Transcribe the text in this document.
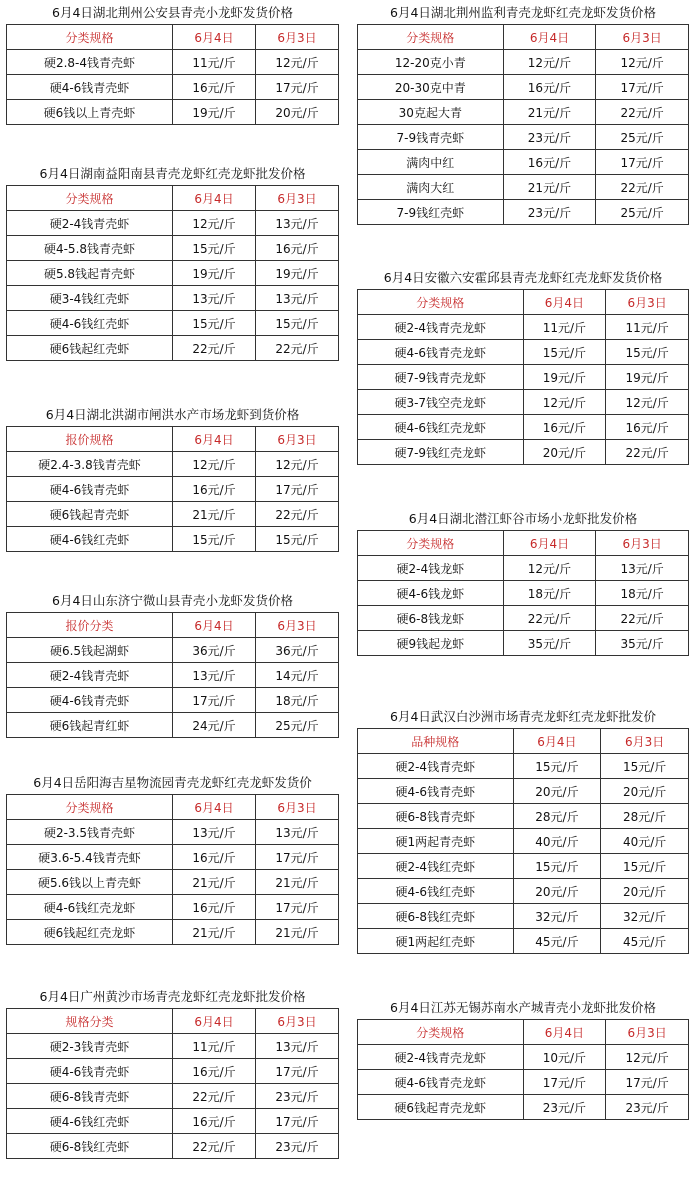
6月4日湖北荆州公安县青壳小龙虾发货价格
分类规格	6月4日	6月3日
硬2.8-4钱青壳虾	11元/斤	12元/斤
硬4-6钱青壳虾	16元/斤	17元/斤
硬6钱以上青壳虾	19元/斤	20元/斤
6月4日湖南益阳南县青壳龙虾红壳龙虾批发价格
分类规格	6月4日	6月3日
硬2-4钱青壳虾	12元/斤	13元/斤
硬4-5.8钱青壳虾	15元/斤	16元/斤
硬5.8钱起青壳虾	19元/斤	19元/斤
硬3-4钱红壳虾	13元/斤	13元/斤
硬4-6钱红壳虾	15元/斤	15元/斤
硬6钱起红壳虾	22元/斤	22元/斤
6月4日湖北洪湖市闸洪水产市场龙虾到货价格
报价规格	6月4日	6月3日
硬2.4-3.8钱青壳虾	12元/斤	12元/斤
硬4-6钱青壳虾	16元/斤	17元/斤
硬6钱起青壳虾	21元/斤	22元/斤
硬4-6钱红壳虾	15元/斤	15元/斤
6月4日山东济宁微山县青壳小龙虾发货价格
报价分类	6月4日	6月3日
硬6.5钱起湖虾	36元/斤	36元/斤
硬2-4钱青壳虾	13元/斤	14元/斤
硬4-6钱青壳虾	17元/斤	18元/斤
硬6钱起青红虾	24元/斤	25元/斤
6月4日岳阳海吉星物流园青壳龙虾红壳龙虾发货价
分类规格	6月4日	6月3日
硬2-3.5钱青壳虾	13元/斤	13元/斤
硬3.6-5.4钱青壳虾	16元/斤	17元/斤
硬5.6钱以上青壳虾	21元/斤	21元/斤
硬4-6钱红壳龙虾	16元/斤	17元/斤
硬6钱起红壳龙虾	21元/斤	21元/斤
6月4日广州黄沙市场青壳龙虾红壳龙虾批发价格
规格分类	6月4日	6月3日
硬2-3钱青壳虾	11元/斤	13元/斤
硬4-6钱青壳虾	16元/斤	17元/斤
硬6-8钱青壳虾	22元/斤	23元/斤
硬4-6钱红壳虾	16元/斤	17元/斤
硬6-8钱红壳虾	22元/斤	23元/斤
6月4日湖北荆州监利青壳龙虾红壳龙虾发货价格
分类规格	6月4日	6月3日
12-20克小青	12元/斤	12元/斤
20-30克中青	16元/斤	17元/斤
30克起大青	21元/斤	22元/斤
7-9钱青壳虾	23元/斤	25元/斤
满肉中红	16元/斤	17元/斤
满肉大红	21元/斤	22元/斤
7-9钱红壳虾	23元/斤	25元/斤
6月4日安徽六安霍邱县青壳龙虾红壳龙虾发货价格
分类规格	6月4日	6月3日
硬2-4钱青壳龙虾	11元/斤	11元/斤
硬4-6钱青壳龙虾	15元/斤	15元/斤
硬7-9钱青壳龙虾	19元/斤	19元/斤
硬3-7钱空壳龙虾	12元/斤	12元/斤
硬4-6钱红壳龙虾	16元/斤	16元/斤
硬7-9钱红壳龙虾	20元/斤	22元/斤
6月4日湖北潜江虾谷市场小龙虾批发价格
分类规格	6月4日	6月3日
硬2-4钱龙虾	12元/斤	13元/斤
硬4-6钱龙虾	18元/斤	18元/斤
硬6-8钱龙虾	22元/斤	22元/斤
硬9钱起龙虾	35元/斤	35元/斤
6月4日武汉白沙洲市场青壳龙虾红壳龙虾批发价
品种规格	6月4日	6月3日
硬2-4钱青壳虾	15元/斤	15元/斤
硬4-6钱青壳虾	20元/斤	20元/斤
硬6-8钱青壳虾	28元/斤	28元/斤
硬1两起青壳虾	40元/斤	40元/斤
硬2-4钱红壳虾	15元/斤	15元/斤
硬4-6钱红壳虾	20元/斤	20元/斤
硬6-8钱红壳虾	32元/斤	32元/斤
硬1两起红壳虾	45元/斤	45元/斤
6月4日江苏无锡苏南水产城青壳小龙虾批发价格
分类规格	6月4日	6月3日
硬2-4钱青壳龙虾	10元/斤	12元/斤
硬4-6钱青壳龙虾	17元/斤	17元/斤
硬6钱起青壳龙虾	23元/斤	23元/斤
